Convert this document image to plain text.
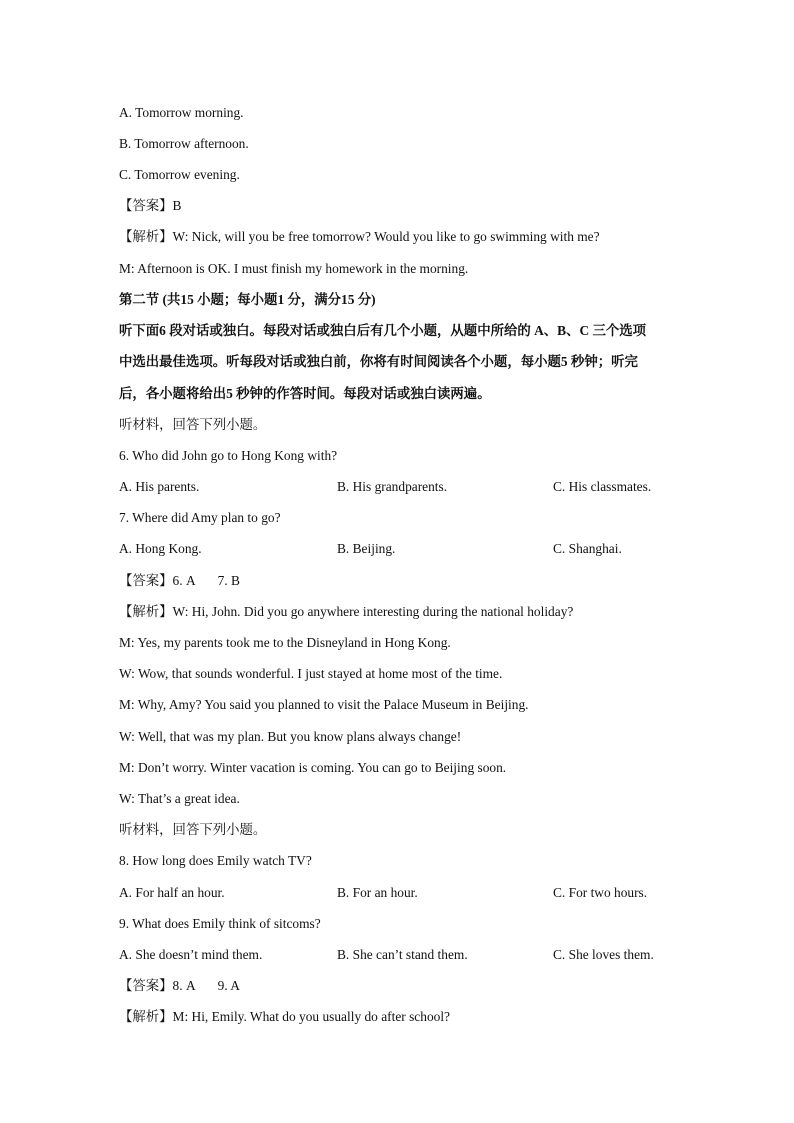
A. Tomorrow morning.
B. Tomorrow afternoon.
C. Tomorrow evening.
【答案】B
【解析】W: Nick, will you be free tomorrow? Would you like to go swimming with me?
M: Afternoon is OK. I must finish my homework in the morning.
第二节 (共15 小题；每小题1 分，满分15 分)
听下面6 段对话或独白。每段对话或独白后有几个小题，从题中所给的 A、B、C 三个选项
中选出最佳选项。听每段对话或独白前，你将有时间阅读各个小题，每小题5 秒钟；听完
后，各小题将给出5 秒钟的作答时间。每段对话或独白读两遍。
听材料，回答下列小题。
6. Who did John go to Hong Kong with?
A. His parents.	B. His grandparents.	C. His classmates.
7. Where did Amy plan to go?
A. Hong Kong.	B. Beijing.	C. Shanghai.
【答案】6. A 7. B
【解析】W: Hi, John. Did you go anywhere interesting during the national holiday?
M: Yes, my parents took me to the Disneyland in Hong Kong.
W: Wow, that sounds wonderful. I just stayed at home most of the time.
M: Why, Amy? You said you planned to visit the Palace Museum in Beijing.
W: Well, that was my plan. But you know plans always change!
M: Don’t worry. Winter vacation is coming. You can go to Beijing soon.
W: That’s a great idea.
听材料，回答下列小题。
8. How long does Emily watch TV?
A. For half an hour.	B. For an hour.	C. For two hours.
9. What does Emily think of sitcoms?
A. She doesn’t mind them.	B. She can’t stand them.	C. She loves them.
【答案】8. A 9. A
【解析】M: Hi, Emily. What do you usually do after school?
